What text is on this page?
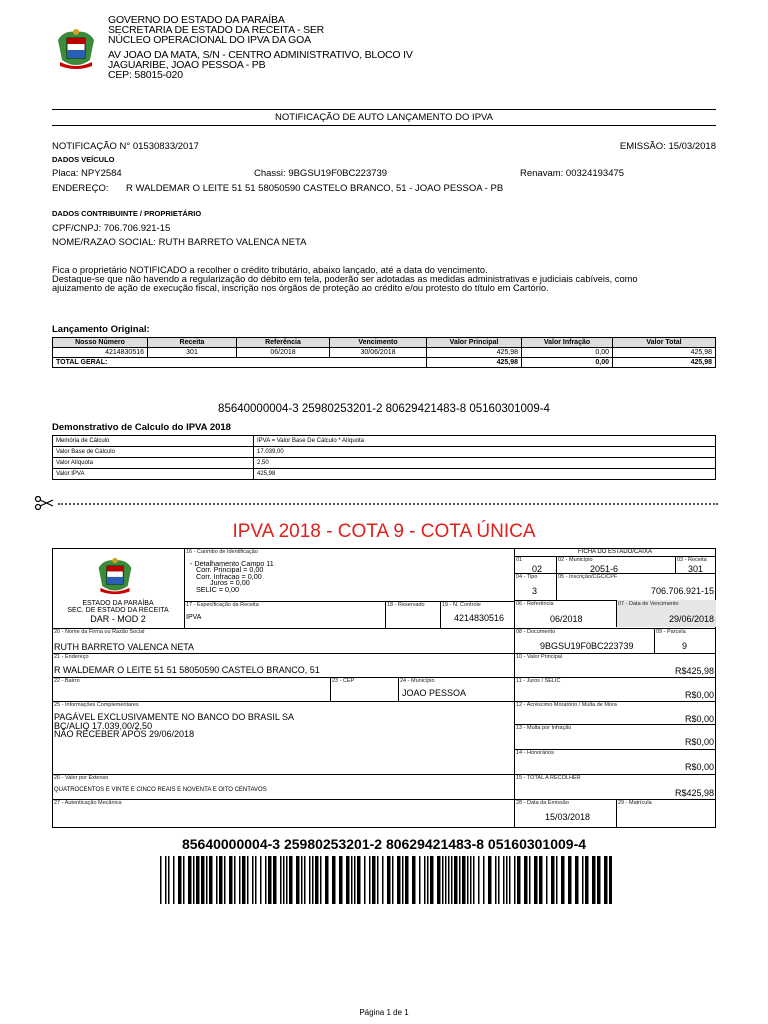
GOVERNO DO ESTADO DA PARAÍBA
SECRETARIA DE ESTADO DA RECEITA - SER
NÚCLEO OPERACIONAL DO IPVA DA GOA
AV JOAO DA MATA, S/N - CENTRO ADMINISTRATIVO, BLOCO IV
JAGUARIBE, JOAO PESSOA - PB
CEP: 58015-020
NOTIFICAÇÃO DE AUTO LANÇAMENTO DO IPVA
NOTIFICAÇÃO N° 01530833/2017	EMISSÃO: 15/03/2018
DADOS VEÍCULO
Placa: NPY2584	Chassi: 9BGSU19F0BC223739	Renavam: 00324193475
ENDEREÇO: R WALDEMAR O LEITE 51 51 58050590 CASTELO BRANCO, 51 - JOAO PESSOA - PB
DADOS CONTRIBUINTE / PROPRIETÁRIO
CPF/CNPJ: 706.706.921-15
NOME/RAZAO SOCIAL: RUTH BARRETO VALENCA NETA
Fica o proprietário NOTIFICADO a recolher o crédito tributário, abaixo lançado, até a data do vencimento.
Destaque-se que não havendo a regularização do débito em tela, poderão ser adotadas as medidas administrativas e judiciais cabíveis, como
ajuizamento de ação de execução fiscal, inscrição nos órgãos de proteção ao crédito e/ou protesto do título em Cartório.
Lançamento Original:
Nosso Número	Receita	Referência	Vencimento	Valor Principal	Valor Infração	Valor Total
4214830516	301	06/2018	30/06/2018	425,98	0,00	425,98
TOTAL GERAL:				425,98	0,00	425,98
85640000004-3 25980253201-2 80629421483-8 05160301009-4
Demonstrativo de Calculo do IPVA 2018
Memória de Cálculo	IPVA = Valor Base De Cálculo * Alíquota
Valor Base de Cálculo	17.039,00
Valor Alíquota	2,50
Valor IPVA	425,98
IPVA 2018 - COTA 9 - COTA ÚNICA
ESTADO DA PARAÍBA
SEC. DE ESTADO DA RECEITA
DAR - MOD 2
16 - Carimbo de Identificação
- Detalhamento Campo 11
Corr. Principal = 0,00
Corr. Infracao = 0,00
Juros = 0,00
SELIC = 0,00
17 - Especificação da Receita
IPVA
18 - Reservado	19 - N. Controle
4214830516
FICHA DO ESTADO/CAIXA
01
02
02 - Município
2051-6
03 - Receita
301
04 - Tipo
3
05 - Inscrição/CGC/CPF
706.706.921-15
06 - Referência
06/2018
07 - Data de Vencimento
29/06/2018
20 - Nome da Firma ou Razão Social
RUTH BARRETO VALENCA NETA
08 - Documento
9BGSU19F0BC223739
09 - Parcela
9
21 - Endereço
R WALDEMAR O LEITE 51 51 58050590 CASTELO BRANCO, 51
10 - Valor Principal
R$425,98
22 - Bairro	23 - CEP	24 - Município
JOAO PESSOA
11 - Juros / SELIC
R$0,00
25 - Informações Complementares
PAGÁVEL EXCLUSIVAMENTE NO BANCO DO BRASIL SA
BC/ALIQ 17.039,00/2,50
NÃO RECEBER APÓS 29/06/2018
12 - Acréscimo Moratório / Multa de Mora
R$0,00
13 - Multa por Infração
R$0,00
14 - Honorários
R$0,00
26 - Valor por Extenso
QUATROCENTOS E VINTE E CINCO REAIS E NOVENTA E OITO CENTAVOS
15 - TOTAL A RECOLHER
R$425,98
27 - Autenticação Mecânica	28 - Data da Emissão
15/03/2018
29 - Matrícula
85640000004-3 25980253201-2 80629421483-8 05160301009-4
Página 1 de 1
